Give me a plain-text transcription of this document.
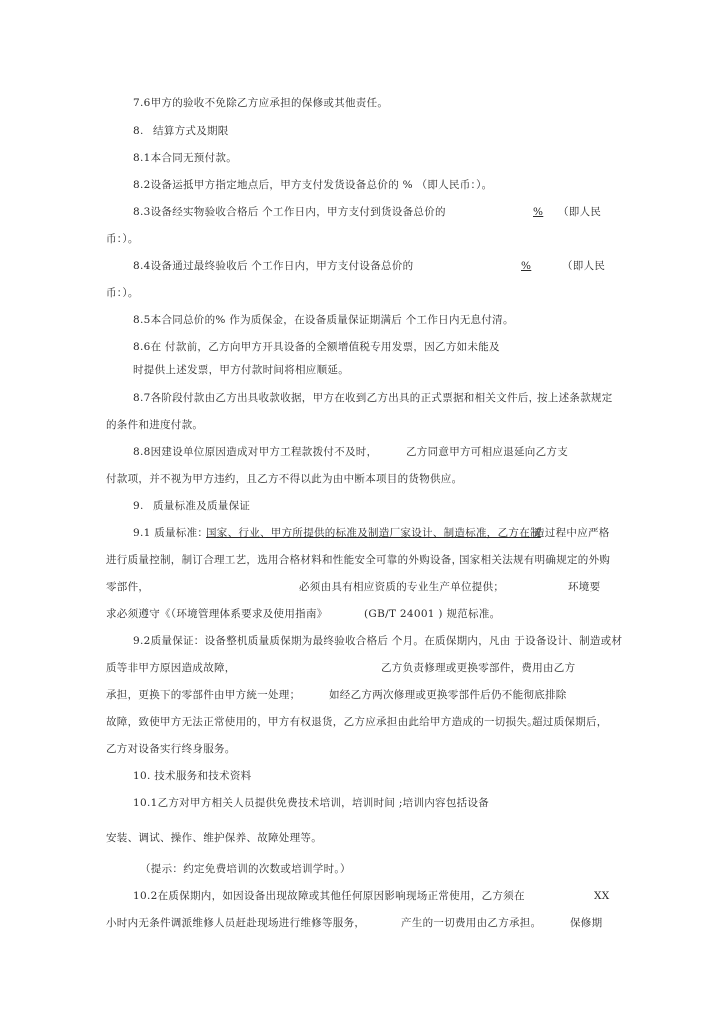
7.6甲方的验收不免除乙方应承担的保修或其他责任。
8. 结算方式及期限
8.1本合同无预付款。
8.2设备运抵甲方指定地点后，甲方支付发货设备总价的 % （即人民币：）。
8.3设备经实物验收合格后 个工作日内，甲方支付到货设备总价的	% （即人民
币：）。
8.4设备通过最终验收后 个工作日内，甲方支付设备总价的	%	（即人民
币：）。
8.5本合同总价的% 作为质保金，在设备质量保证期满后 个工作日内无息付清。
8.6在 付款前，乙方向甲方开具设备的全额增值税专用发票，因乙方如未能及
时提供上述发票，甲方付款时间将相应顺延。
8.7各阶段付款由乙方出具收款收据，甲方在收到乙方出具的正式票据和相关文件后，
按上述条款规定
的条件和进度付款。
8.8因建设单位原因造成对甲方工程款拨付不及时，	乙方同意甲方可相应退延向乙方支
付款项，并不视为甲方违约，且乙方不得以此为由中断本项目的货物供应。
9. 质量标准及质量保证
9.1 质量标准：
国家、行业、甲方所提供的标准及制造厂家设计、制造标准，乙方在制
造过程中应严格
进行质量控制，制订合理工艺，选用合格材料和性能安全可靠的外购设备，
国家相关法规有明确规定的外购
零部件，	必须由具有相应资质的专业生产单位提供；	环境要
求必须遵守《（环境管理体系要求及使用指南》	(GB/T 24001 ) 规范标准。
9.2质量保证：设备整机质量质保期为最终验收合格后 个月。在质保期内，凡由 于设备设计、制造或材
质等非甲方原因造成故障，	乙方负责修理或更换零部件，费用由乙方
承担，更换下的零部件由甲方統一处理；	如经乙方两次修理或更换零部件后仍不能彻底排除
故障，致使甲方无法正常使用的，甲方有权退货，乙方应承担由此给甲方造成的一切损失。
超过质保期后，
乙方对设备实行终身服务。
10. 技术服务和技术资料
10.1乙方对甲方相关人员提供免费技术培训，培训时间 ;培训内容包括设备
安装、调试、操作、维护保养、故障处理等。
（提示：约定免费培训的次数或培训学时。）
10.2在质保期内，如因设备出现故障或其他任何原因影响现场正常使用，乙方须在	XX
小时内无条件调派维修人员赶赴现场进行维修等服务，	产生的一切费用由乙方承担。	保修期
